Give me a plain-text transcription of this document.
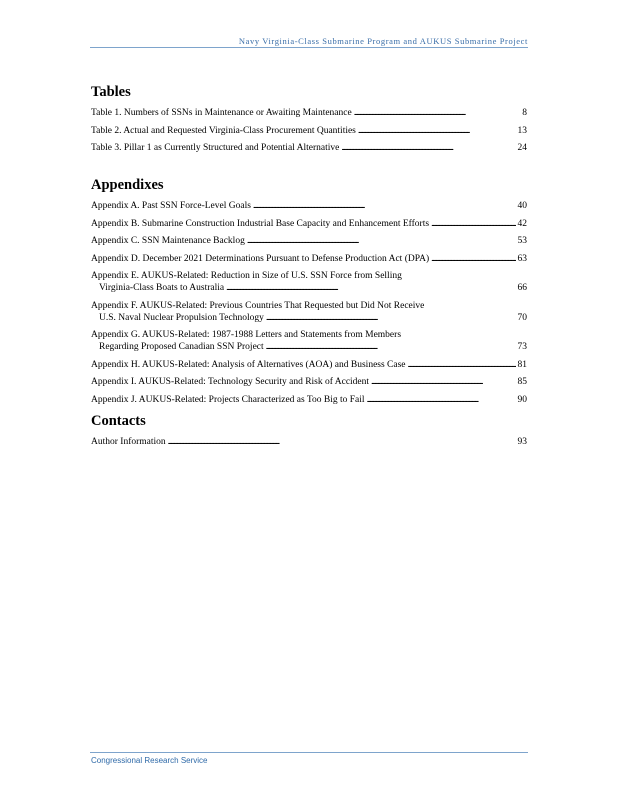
Navy Virginia-Class Submarine Program and AUKUS Submarine Project
Tables
Table 1. Numbers of SSNs in Maintenance or Awaiting Maintenance . . .	8
Table 2. Actual and Requested Virginia-Class Procurement Quantities . . .	13
Table 3. Pillar 1 as Currently Structured and Potential Alternative . . .	24
Appendixes
Appendix A. Past SSN Force-Level Goals . . .	40
Appendix B. Submarine Construction Industrial Base Capacity and Enhancement Efforts . . .	42
Appendix C. SSN Maintenance Backlog . . .	53
Appendix D. December 2021 Determinations Pursuant to Defense Production Act (DPA) . . .	63
Appendix E. AUKUS-Related: Reduction in Size of U.S. SSN Force from Selling
Virginia-Class Boats to Australia . . .	66
Appendix F. AUKUS-Related: Previous Countries That Requested but Did Not Receive
U.S. Naval Nuclear Propulsion Technology . . .	70
Appendix G. AUKUS-Related: 1987-1988 Letters and Statements from Members
Regarding Proposed Canadian SSN Project . . .	73
Appendix H. AUKUS-Related: Analysis of Alternatives (AOA) and Business Case . . .	81
Appendix I. AUKUS-Related: Technology Security and Risk of Accident . . .	85
Appendix J. AUKUS-Related: Projects Characterized as Too Big to Fail . . .	90
Contacts
Author Information . . .	93
Congressional Research Service
